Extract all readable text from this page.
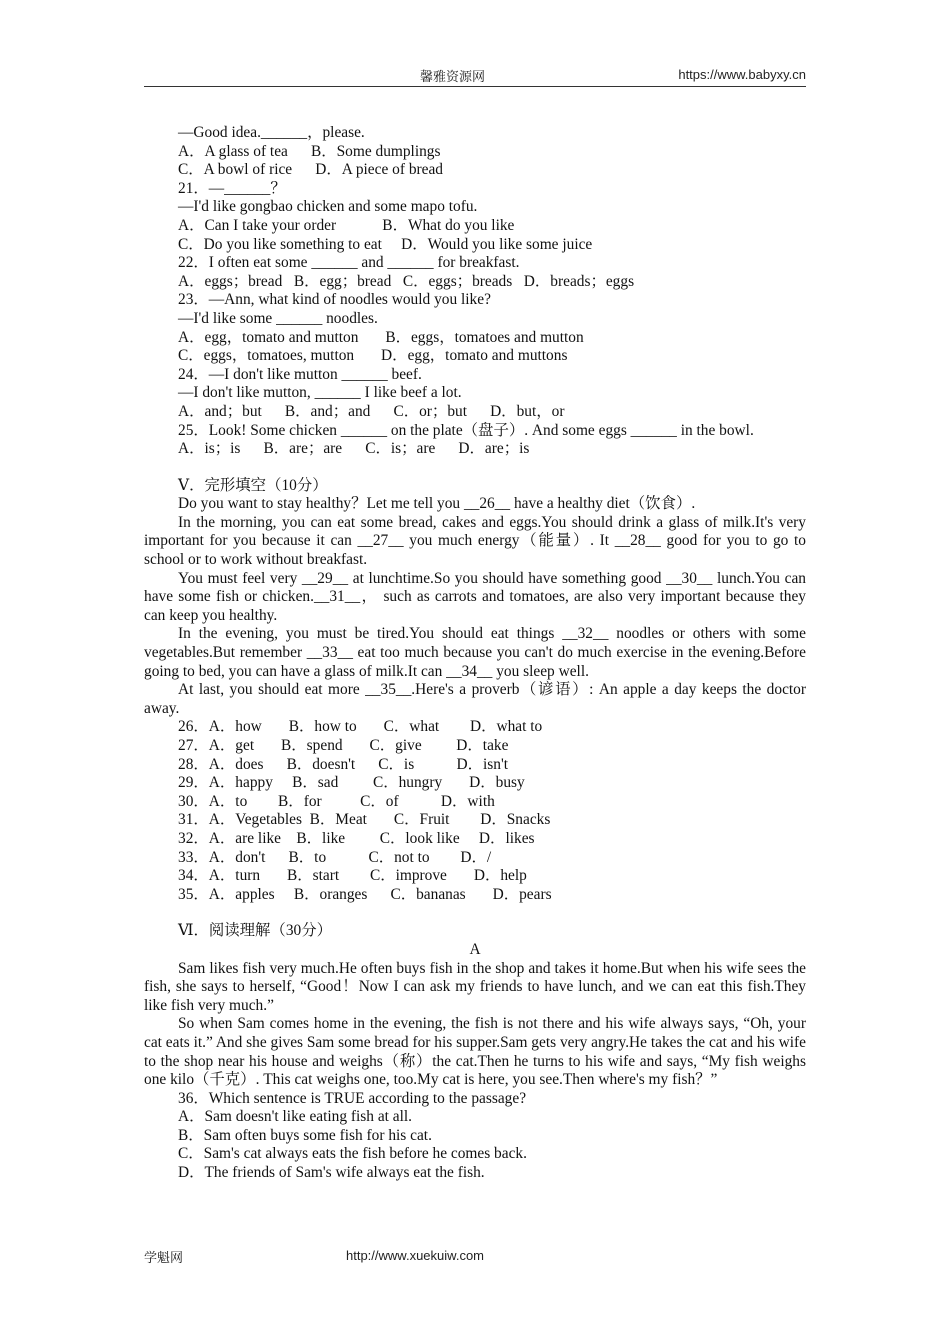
馨雅资源网	https://www.babyxy.cn
—Good idea.______，please.
A．A glass of tea      B．Some dumplings
C．A bowl of rice      D．A piece of bread
21．—______？
—I'd like gongbao chicken and some mapo tofu.
A．Can I take your order            B．What do you like
C．Do you like something to eat     D．Would you like some juice
22．I often eat some ______ and ______ for breakfast.
A．eggs；bread   B．egg；bread   C．eggs；breads   D．breads；eggs
23．—Ann, what kind of noodles would you like?
—I'd like some ______ noodles.
A．egg，tomato and mutton       B．eggs，tomatoes and mutton
C．eggs，tomatoes, mutton       D．egg，tomato and muttons
24．—I don't like mutton ______ beef.
—I don't like mutton, ______ I like beef a lot.
A．and；but      B．and；and      C．or；but      D．but，or
25．Look! Some chicken ______ on the plate（盘子）. And some eggs ______ in the bowl.
A．is；is      B．are；are      C．is；are      D．are；is
Ⅴ．完形填空（10分）

Do you want to stay healthy？Let me tell you __26__ have a healthy diet（饮食）.

In the morning, you can eat some bread, cakes and eggs.You should drink a glass of milk.It's very important for you because it can __27__ you much energy（能量）. It __28__ good for you to go to school or to work without breakfast.

You must feel very __29__ at lunchtime.So you should have something good __30__ lunch.You can have some fish or chicken.__31__， such as carrots and tomatoes, are also very important because they can keep you healthy.

In the evening, you must be tired.You should eat things __32__ noodles or others with some vegetables.But remember __33__ eat too much because you can't do much exercise in the evening.Before going to bed, you can have a glass of milk.It can __34__ you sleep well.

At last, you should eat more __35__.Here's a proverb（谚语）: An apple a day keeps the doctor away.

26．A．how       B．how to       C．what        D．what to
27．A．get       B．spend       C．give         D．take
28．A．does      B．doesn't      C．is           D．isn't
29．A．happy     B．sad         C．hungry       D．busy
30．A．to        B．for          C．of           D．with
31．A．Vegetables  B．Meat       C．Fruit        D．Snacks
32．A．are like    B．like         C．look like     D．likes
33．A．don't      B．to           C．not to        D．/
34．A．turn       B．start        C．improve       D．help
35．A．apples     B．oranges      C．bananas       D．pears
Ⅵ．阅读理解（30分）
A

Sam likes fish very much.He often buys fish in the shop and takes it home.But when his wife sees the fish, she says to herself, “Good！Now I can ask my friends to have lunch, and we can eat this fish.They like fish very much.”

So when Sam comes home in the evening, the fish is not there and his wife always says, “Oh, your cat eats it.” And she gives Sam some bread for his supper.Sam gets very angry.He takes the cat and his wife to the shop near his house and weighs（称）the cat.Then he turns to his wife and says, “My fish weighs one kilo（千克）. This cat weighs one, too.My cat is here, you see.Then where's my fish？”

36．Which sentence is TRUE according to the passage?
A．Sam doesn't like eating fish at all.
B．Sam often buys some fish for his cat.
C．Sam's cat always eats the fish before he comes back.
D．The friends of Sam's wife always eat the fish.
学魁网	http://www.xuekuiw.com
